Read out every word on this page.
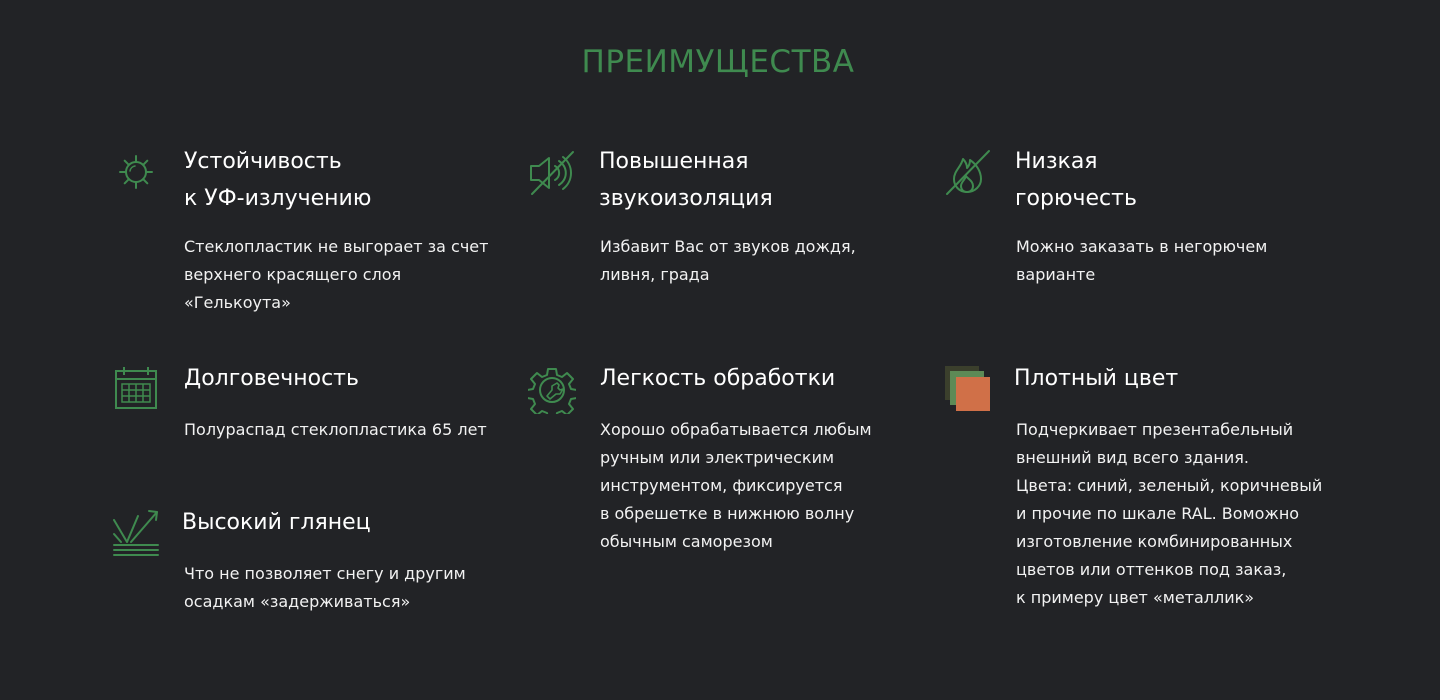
ПРЕИМУЩЕСТВА
Устойчивость
к УФ-излучению
Стеклопластик не выгорает за счет
верхнего красящего слоя
«Гелькоута»
Повышенная
звукоизоляция
Избавит Вас от звуков дождя,
ливня, града
Низкая
горючесть
Можно заказать в негорючем
варианте
Долговечность
Полураспад стеклопластика 65 лет
Легкость обработки
Хорошо обрабатывается любым
ручным или электрическим
инструментом, фиксируется
в обрешетке в нижнюю волну
обычным саморезом
Плотный цвет
Подчеркивает презентабельный
внешний вид всего здания.
Цвета: синий, зеленый, коричневый
и прочие по шкале RAL. Воможно
изготовление комбинированных
цветов или оттенков под заказ,
к примеру цвет «металлик»
Высокий глянец
Что не позволяет снегу и другим
осадкам «задерживаться»
